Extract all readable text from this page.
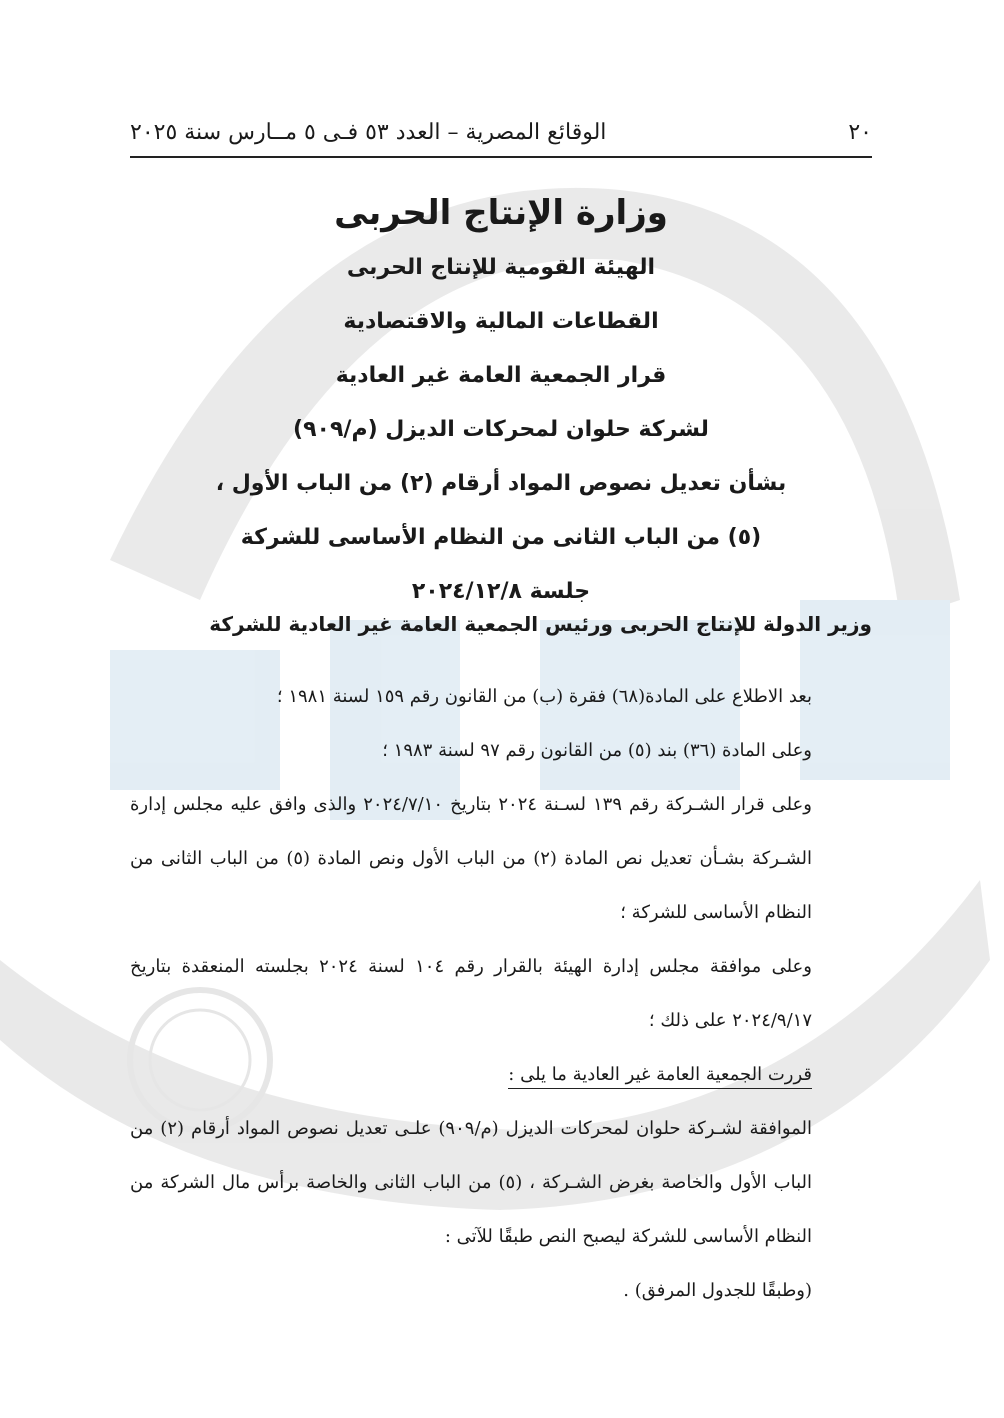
٢٠
الوقائع المصرية – العدد ٥٣ فـى ٥ مــارس سنة ٢٠٢٥
وزارة الإنتاج الحربى
الهيئة القومية للإنتاج الحربى
القطاعات المالية والاقتصادية
قرار الجمعية العامة غير العادية
لشركة حلوان لمحركات الديزل (م/٩٠٩)
بشأن تعديل نصوص المواد أرقام (٢) من الباب الأول ،
(٥) من الباب الثانى من النظام الأساسى للشركة
جلسة ٢٠٢٤/١٢/٨
وزير الدولة للإنتاج الحربى ورئيس الجمعية العامة غير العادية للشركة

بعد الاطلاع على المادة(٦٨) فقرة (ب) من القانون رقم ١٥٩ لسنة ١٩٨١ ؛

وعلى المادة (٣٦) بند (٥) من القانون رقم ٩٧ لسنة ١٩٨٣ ؛

وعلى قرار الشـركة رقم ١٣٩ لسـنة ٢٠٢٤ بتاريخ ٢٠٢٤/٧/١٠ والذى وافق عليه مجلس إدارة الشـركة بشـأن تعديل نص المادة (٢) من الباب الأول ونص المادة (٥) من الباب الثانى من النظام الأساسى للشركة ؛

وعلى موافقة مجلس إدارة الهيئة بالقرار رقم ١٠٤ لسنة ٢٠٢٤ بجلسته المنعقدة بتاريخ ٢٠٢٤/٩/١٧ على ذلك ؛

قررت الجمعية العامة غير العادية ما يلى :

الموافقة لشـركة حلوان لمحركات الديزل (م/٩٠٩) علـى تعديل نصوص المواد أرقام (٢) من الباب الأول والخاصة بغرض الشـركة ، (٥) من الباب الثانى والخاصة برأس مال الشركة من النظام الأساسى للشركة ليصبح النص طبقًا للآتى :

(وطبقًا للجدول المرفق) .
